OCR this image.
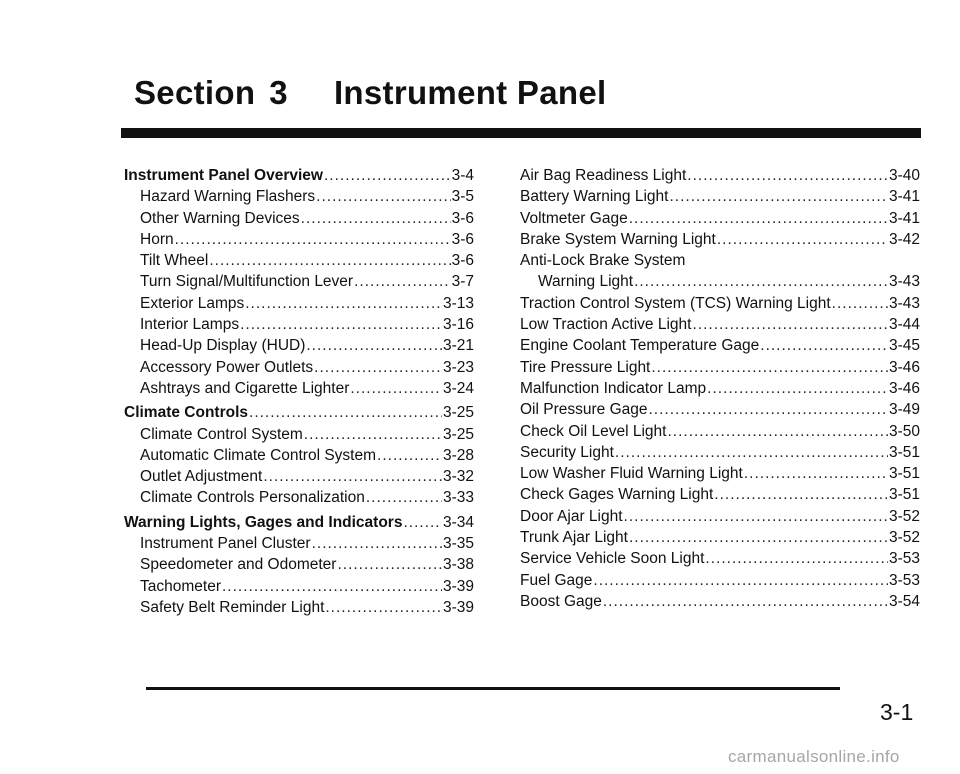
Section 3 Instrument Panel
Instrument Panel Overview .....	3-4
Hazard Warning Flashers .....	3-5
Other Warning Devices .....	3-6
Horn .....	3-6
Tilt Wheel .....	3-6
Turn Signal/Multifunction Lever .....	3-7
Exterior Lamps .....	3-13
Interior Lamps .....	3-16
Head-Up Display (HUD) .....	3-21
Accessory Power Outlets .....	3-23
Ashtrays and Cigarette Lighter .....	3-24
Climate Controls .....	3-25
Climate Control System .....	3-25
Automatic Climate Control System .....	3-28
Outlet Adjustment .....	3-32
Climate Controls Personalization .....	3-33
Warning Lights, Gages and Indicators .....	3-34
Instrument Panel Cluster .....	3-35
Speedometer and Odometer .....	3-38
Tachometer .....	3-39
Safety Belt Reminder Light .....	3-39
Air Bag Readiness Light .....	3-40
Battery Warning Light .....	3-41
Voltmeter Gage .....	3-41
Brake System Warning Light .....	3-42
Anti-Lock Brake System
Warning Light .....	3-43
Traction Control System (TCS) Warning Light .....	3-43
Low Traction Active Light .....	3-44
Engine Coolant Temperature Gage .....	3-45
Tire Pressure Light .....	3-46
Malfunction Indicator Lamp .....	3-46
Oil Pressure Gage .....	3-49
Check Oil Level Light .....	3-50
Security Light .....	3-51
Low Washer Fluid Warning Light .....	3-51
Check Gages Warning Light .....	3-51
Door Ajar Light .....	3-52
Trunk Ajar Light .....	3-52
Service Vehicle Soon Light .....	3-53
Fuel Gage .....	3-53
Boost Gage .....	3-54
3-1
carmanualsonline.info
